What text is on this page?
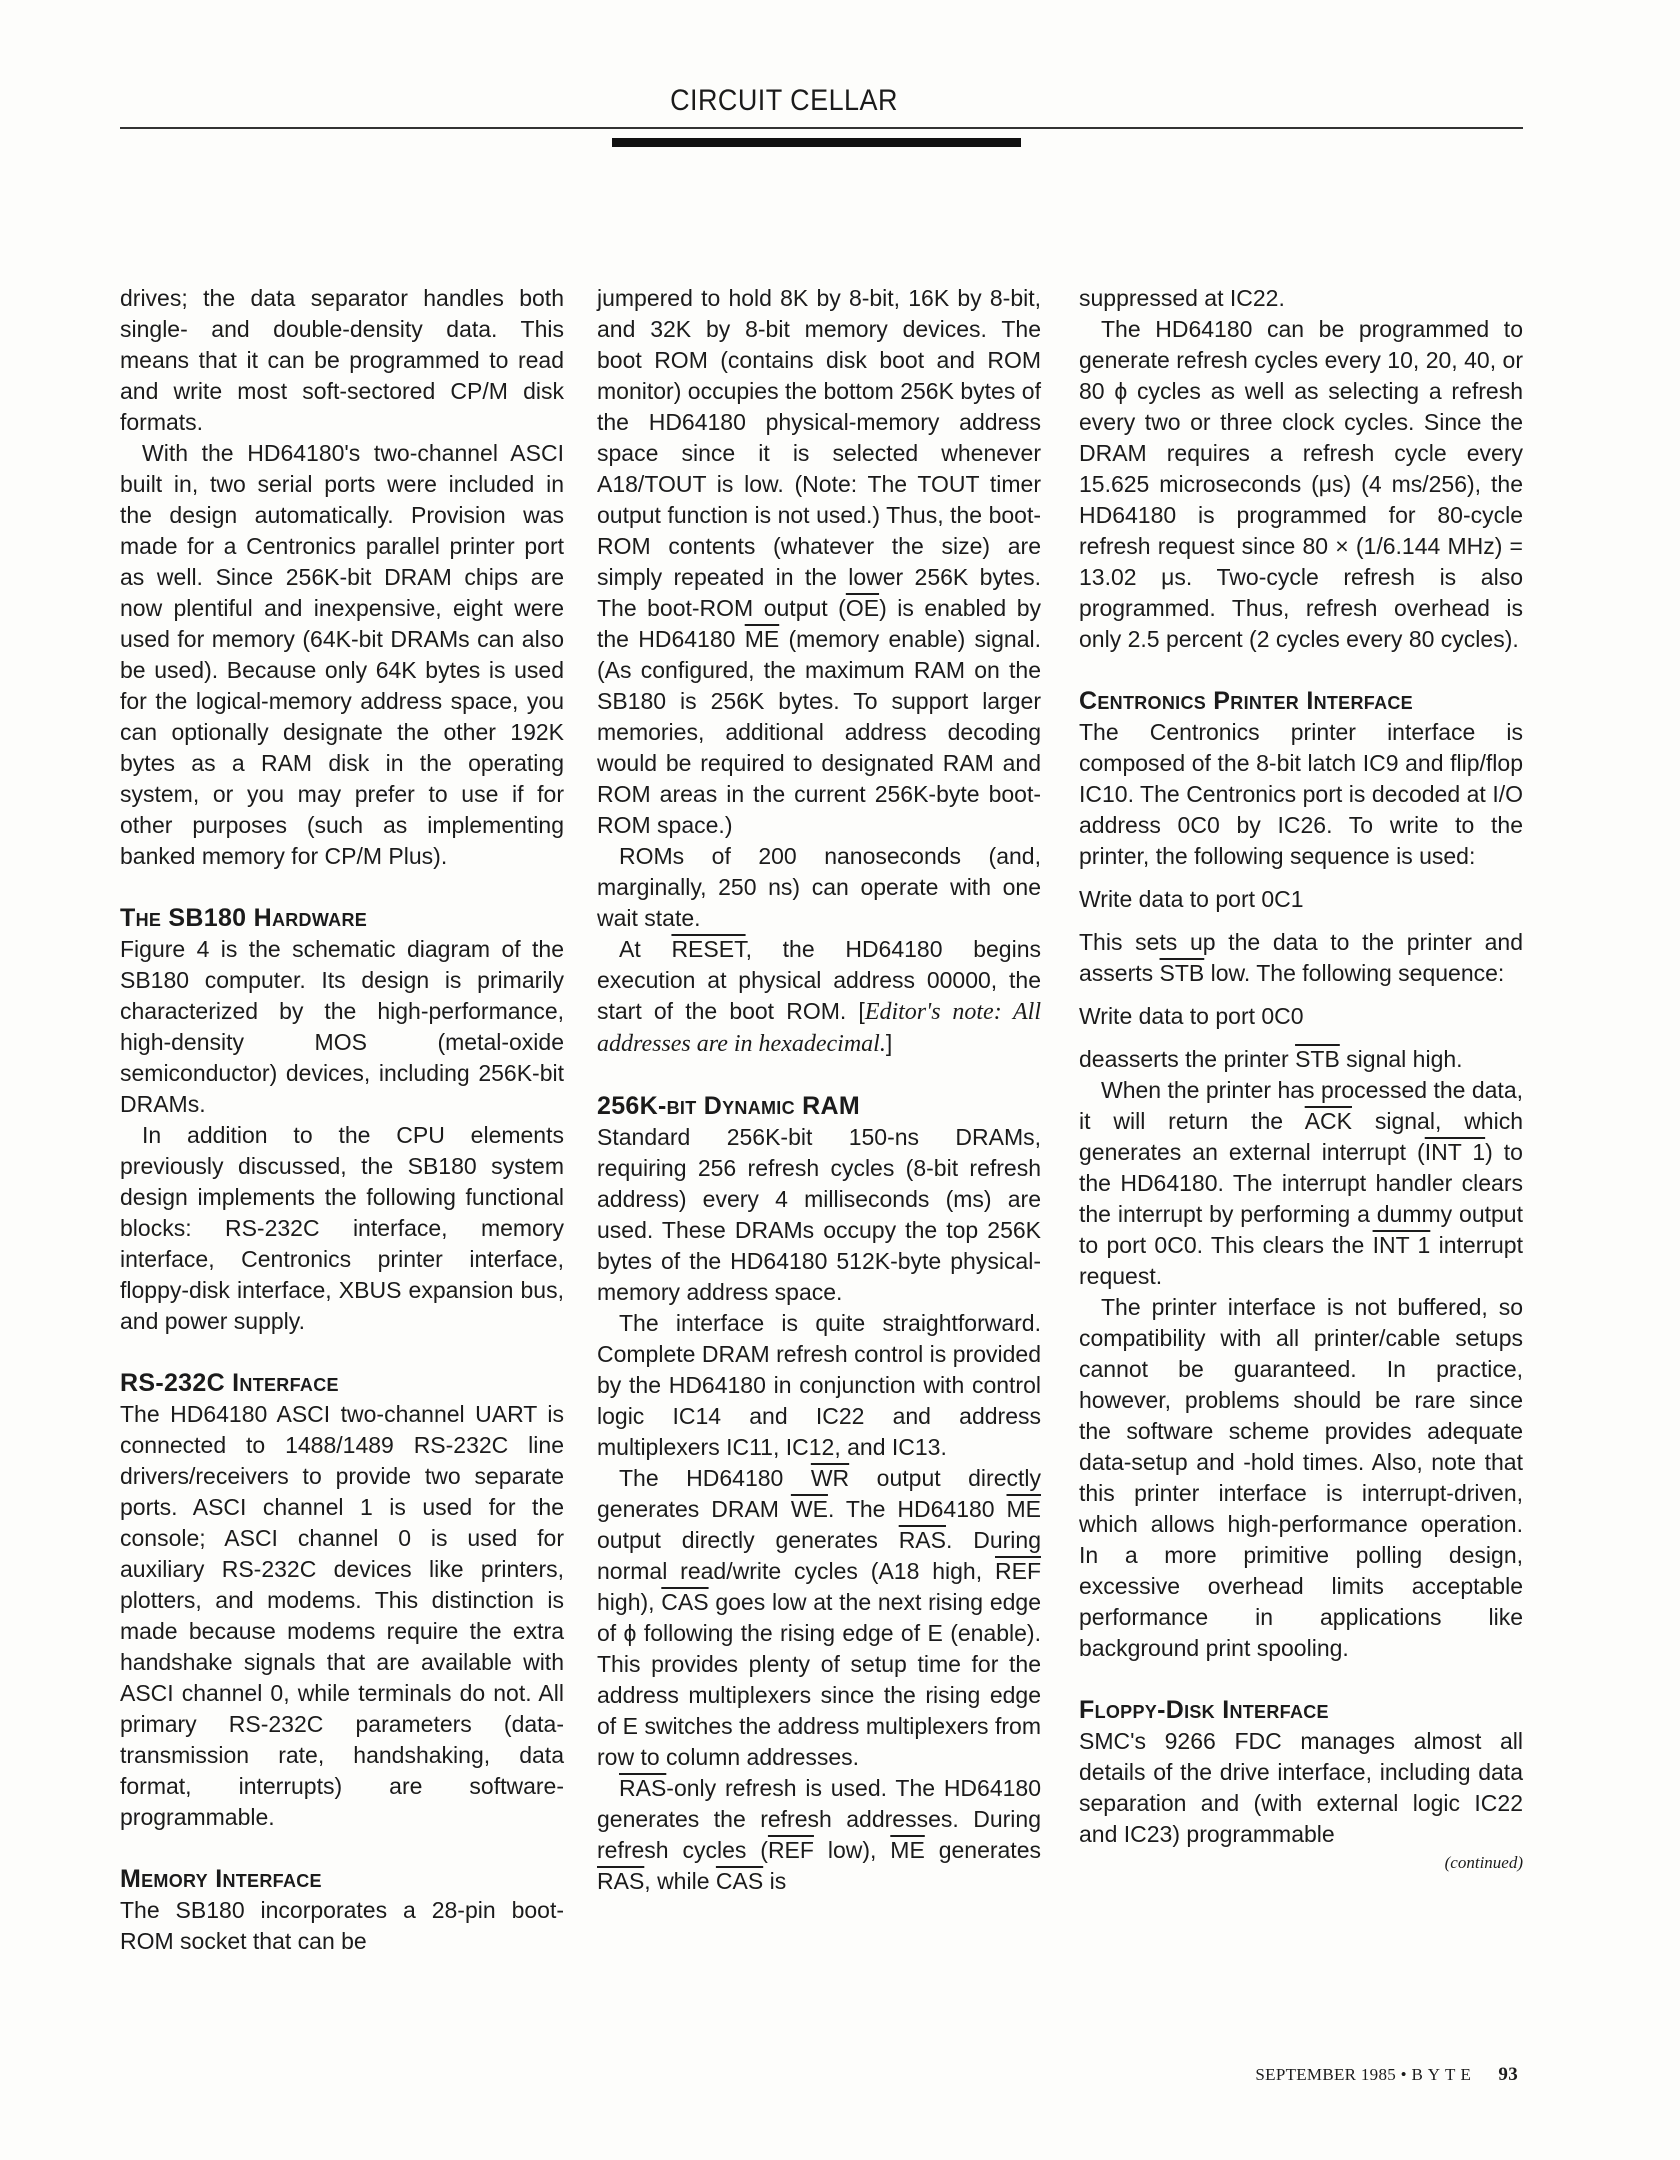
CIRCUIT CELLAR

drives; the data separator handles both single- and double-density data. This means that it can be programmed to read and write most soft-sectored CP/M disk formats.

With the HD64180's two-channel ASCI built in, two serial ports were included in the design automatically. Provision was made for a Centronics parallel printer port as well. Since 256K-bit DRAM chips are now plentiful and inexpensive, eight were used for memory (64K-bit DRAMs can also be used). Because only 64K bytes is used for the logical-memory address space, you can optionally designate the other 192K bytes as a RAM disk in the operating system, or you may prefer to use if for other purposes (such as implementing banked memory for CP/M Plus).

The SB180 Hardware

Figure 4 is the schematic diagram of the SB180 computer. Its design is primarily characterized by the high-performance, high-density MOS (metal-oxide semiconductor) devices, including 256K-bit DRAMs.

In addition to the CPU elements previously discussed, the SB180 system design implements the following functional blocks: RS-232C interface, memory interface, Centronics printer interface, floppy-disk interface, XBUS expansion bus, and power supply.

RS-232C Interface

The HD64180 ASCI two-channel UART is connected to 1488/1489 RS-232C line drivers/receivers to provide two separate ports. ASCI channel 1 is used for the console; ASCI channel 0 is used for auxiliary RS-232C devices like printers, plotters, and modems. This distinction is made because modems require the extra handshake signals that are available with ASCI channel 0, while terminals do not. All primary RS-232C parameters (data-transmission rate, handshaking, data format, interrupts) are software-programmable.

Memory Interface

The SB180 incorporates a 28-pin boot-ROM socket that can be

jumpered to hold 8K by 8-bit, 16K by 8-bit, and 32K by 8-bit memory devices. The boot ROM (contains disk boot and ROM monitor) occupies the bottom 256K bytes of the HD64180 physical-memory address space since it is selected whenever A18/TOUT is low. (Note: The TOUT timer output function is not used.) Thus, the boot-ROM contents (whatever the size) are simply repeated in the lower 256K bytes. The boot-ROM output $(\overline{OE})$ is enabled by the HD64180 $\overline{ME}$ (memory enable) signal. (As configured, the maximum RAM on the SB180 is 256K bytes. To support larger memories, additional address decoding would be required to designated RAM and ROM areas in the current 256K-byte boot-ROM space.)

ROMs of 200 nanoseconds (and, marginally, 250 ns) can operate with one wait state.

At RESET, the HD64180 begins execution at physical address 00000, the start of the boot ROM. [Editor's note: All addresses are in hexadecimal.]

256K-bit Dynamic RAM

Standard 256K-bit 150-ns DRAMs, requiring 256 refresh cycles (8-bit refresh address) every 4 milliseconds (ms) are used. These DRAMs occupy the top 256K bytes of the HD64180 512K-byte physical-memory address space.

The interface is quite straightforward. Complete DRAM refresh control is provided by the HD64180 in conjunction with control logic IC14 and IC22 and address multiplexers IC11, IC12, and IC13.

The HD64180 $\overline{WR}$ output directly generates DRAM $\overline{WE}$. The HD64180 $\overline{ME}$ output directly generates $\overline{RAS}$. During normal read/write cycles (A18 high, $\overline{REF}$ high), $\overline{CAS}$ goes low at the next rising edge of ϕ following the rising edge of E (enable). This provides plenty of setup time for the address multiplexers since the rising edge of E switches the address multiplexers from row to column addresses.

$\overline{RAS}$-only refresh is used. The HD64180 generates the refresh addresses. During refresh cycles ($\overline{REF}$ low), $\overline{ME}$ generates $\overline{RAS}$, while $\overline{CAS}$ is

suppressed at IC22.

The HD64180 can be programmed to generate refresh cycles every 10, 20, 40, or 80 ϕ cycles as well as selecting a refresh every two or three clock cycles. Since the DRAM requires a refresh cycle every 15.625 microseconds (μs) (4 ms/256), the HD64180 is programmed for 80-cycle refresh request since 80 × (1/6.144 MHz) = 13.02 μs. Two-cycle refresh is also programmed. Thus, refresh overhead is only 2.5 percent (2 cycles every 80 cycles).

Centronics Printer Interface

The Centronics printer interface is composed of the 8-bit latch IC9 and flip/flop IC10. The Centronics port is decoded at I/O address 0C0 by IC26. To write to the printer, the following sequence is used:

Write data to port 0C1

This sets up the data to the printer and asserts $\overline{STB}$ low. The following sequence:

Write data to port 0C0

deasserts the printer $\overline{STB}$ signal high.

When the printer has processed the data, it will return the $\overline{ACK}$ signal, which generates an external interrupt (INT 1) to the HD64180. The interrupt handler clears the interrupt by performing a dummy output to port 0C0. This clears the INT 1 interrupt request.

The printer interface is not buffered, so compatibility with all printer/cable setups cannot be guaranteed. In practice, however, problems should be rare since the software scheme provides adequate data-setup and -hold times. Also, note that this printer interface is interrupt-driven, which allows high-performance operation. In a more primitive polling design, excessive overhead limits acceptable performance in applications like background print spooling.

Floppy-Disk Interface

SMC's 9266 FDC manages almost all details of the drive interface, including data separation and (with external logic IC22 and IC23) programmable

(continued)

SEPTEMBER 1985 • BYTE 93
